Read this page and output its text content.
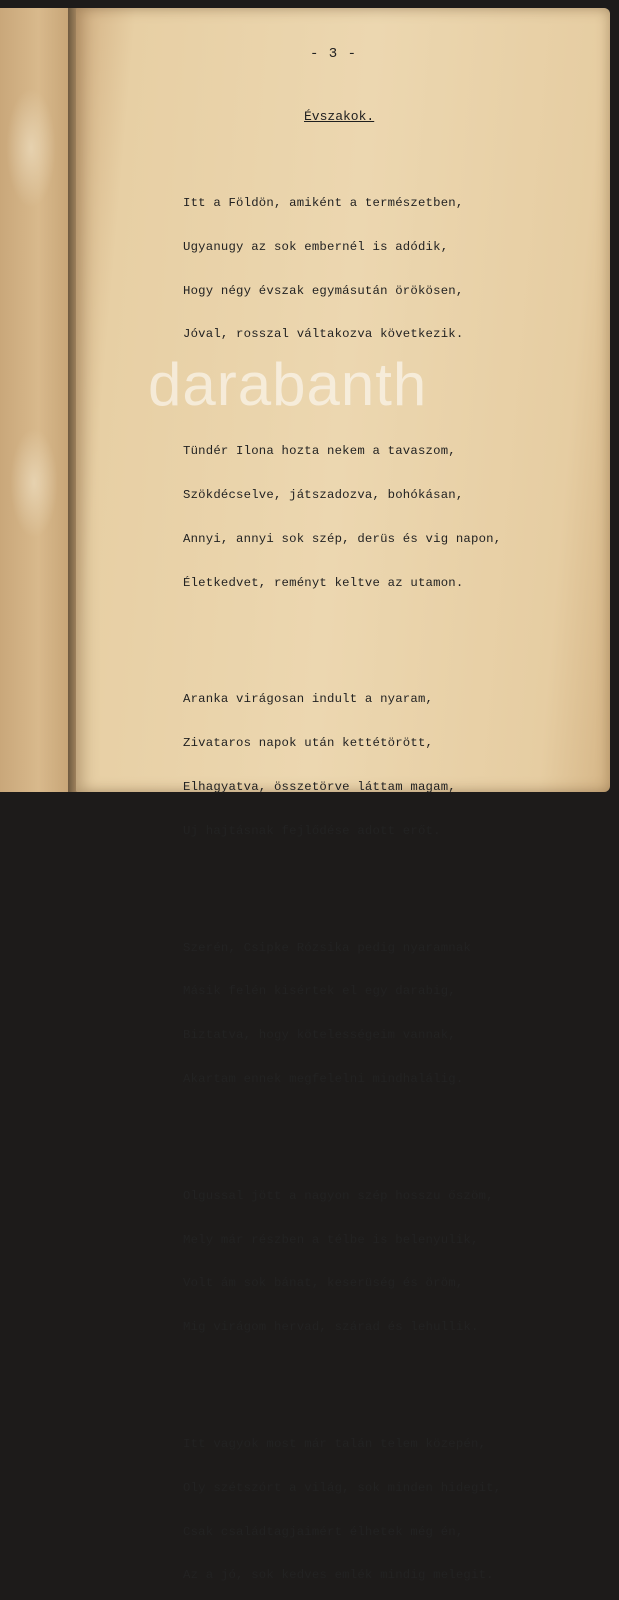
- 3 -
Évszakok.

Itt a Földön, amiként a természetben,

Ugyanugy az sok embernél is adódik,

Hogy négy évszak egymásután örökösen,

Jóval, rosszal váltakozva következik.

Tündér Ilona hozta nekem a tavaszom,

Szökdécselve, játszadozva, bohókásan,

Annyi, annyi sok szép, derüs és vig napon,

Életkedvet, reményt keltve az utamon.

Aranka virágosan indult a nyaram,

Zivataros napok után kettétörött,

Elhagyatva, összetörve láttam magam,

Uj hajtásnak fejlődése adott erőt.

Szerén, Csipke Rózsika pedig nyaramnak

Másik felén kisértek el egy darabig,

Biztatva, hogy kötelességeim vannak,

Akartam ennek megfelelni mindhalálig.

Olgussal jött a nagyon szép hosszu őszöm,

Mely már részben a télbe is belenyulik,

Volt ám sok bánat, keserüség és öröm,

Mig virágom hervad, szárad és lehullik.

Itt vagyok most már talán telem közepén,

Oly szétszórt a világ, sok minden hidegit,

Csak családtagjaimért élhetek még én,

Az a jó, sok kedves emlék mindig melegit.

darabanth
